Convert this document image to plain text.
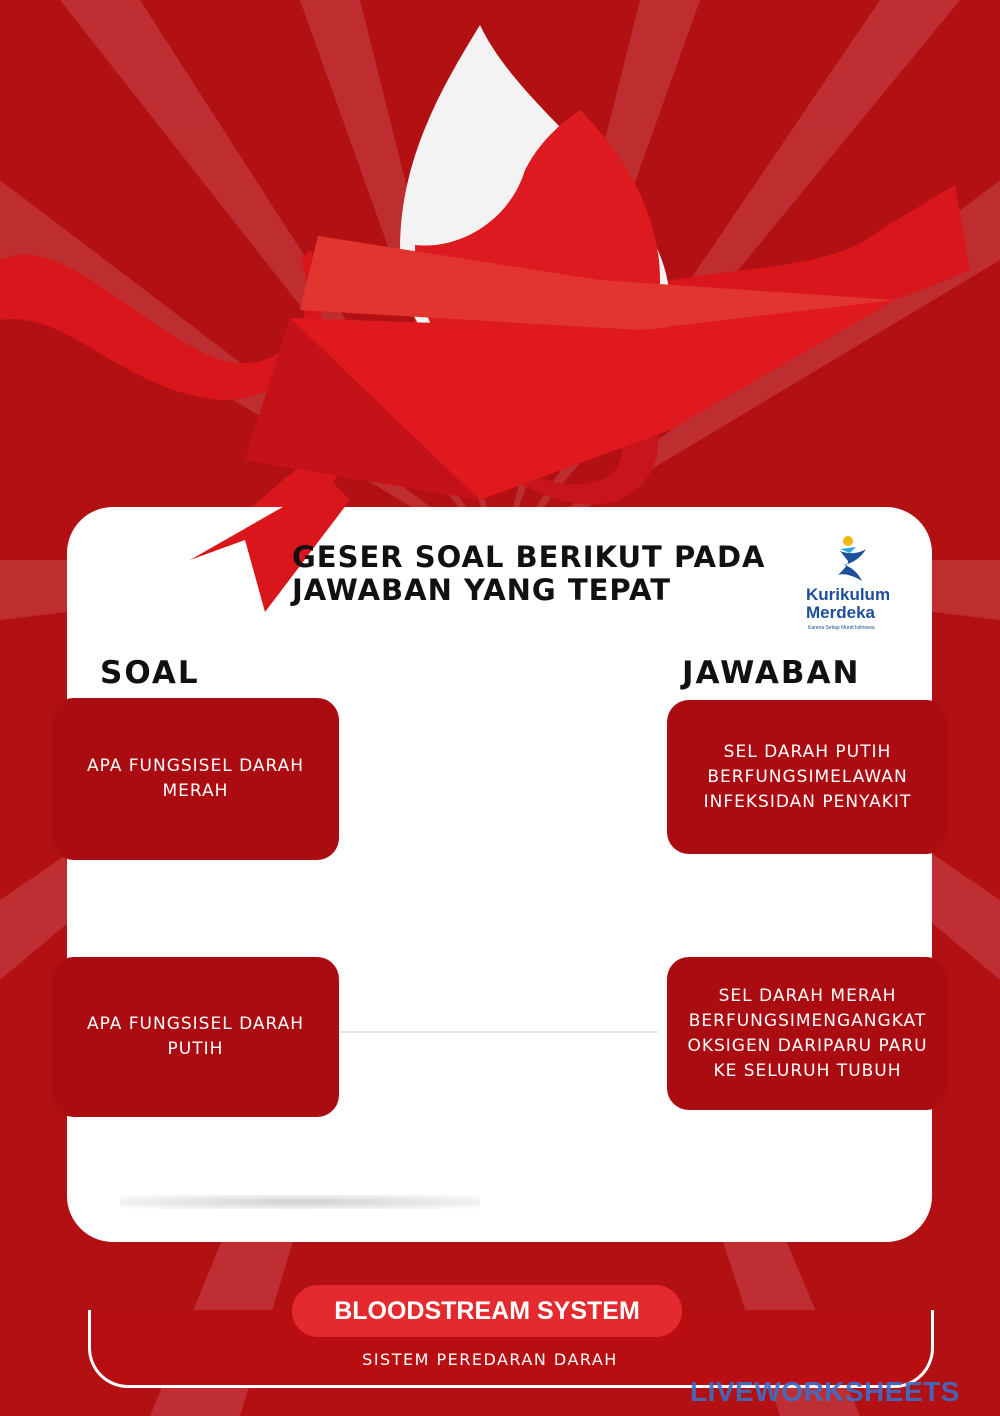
GESER SOAL BERIKUT PADA
JAWABAN YANG TEPAT	Kurikulum
Merdeka
Karena Setiap Murid Istimewa
SOAL	JAWABAN
APA FUNGSISEL DARAH
MERAH
APA FUNGSISEL DARAH
PUTIH
SEL DARAH PUTIH
BERFUNGSIMELAWAN
INFEKSIDAN PENYAKIT
SEL DARAH MERAH
BERFUNGSIMENGANGKAT
OKSIGEN DARIPARU PARU
KE SELURUH TUBUH
BLOODSTREAM SYSTEM
SISTEM PEREDARAN DARAH
LIVEWORKSHEETS
